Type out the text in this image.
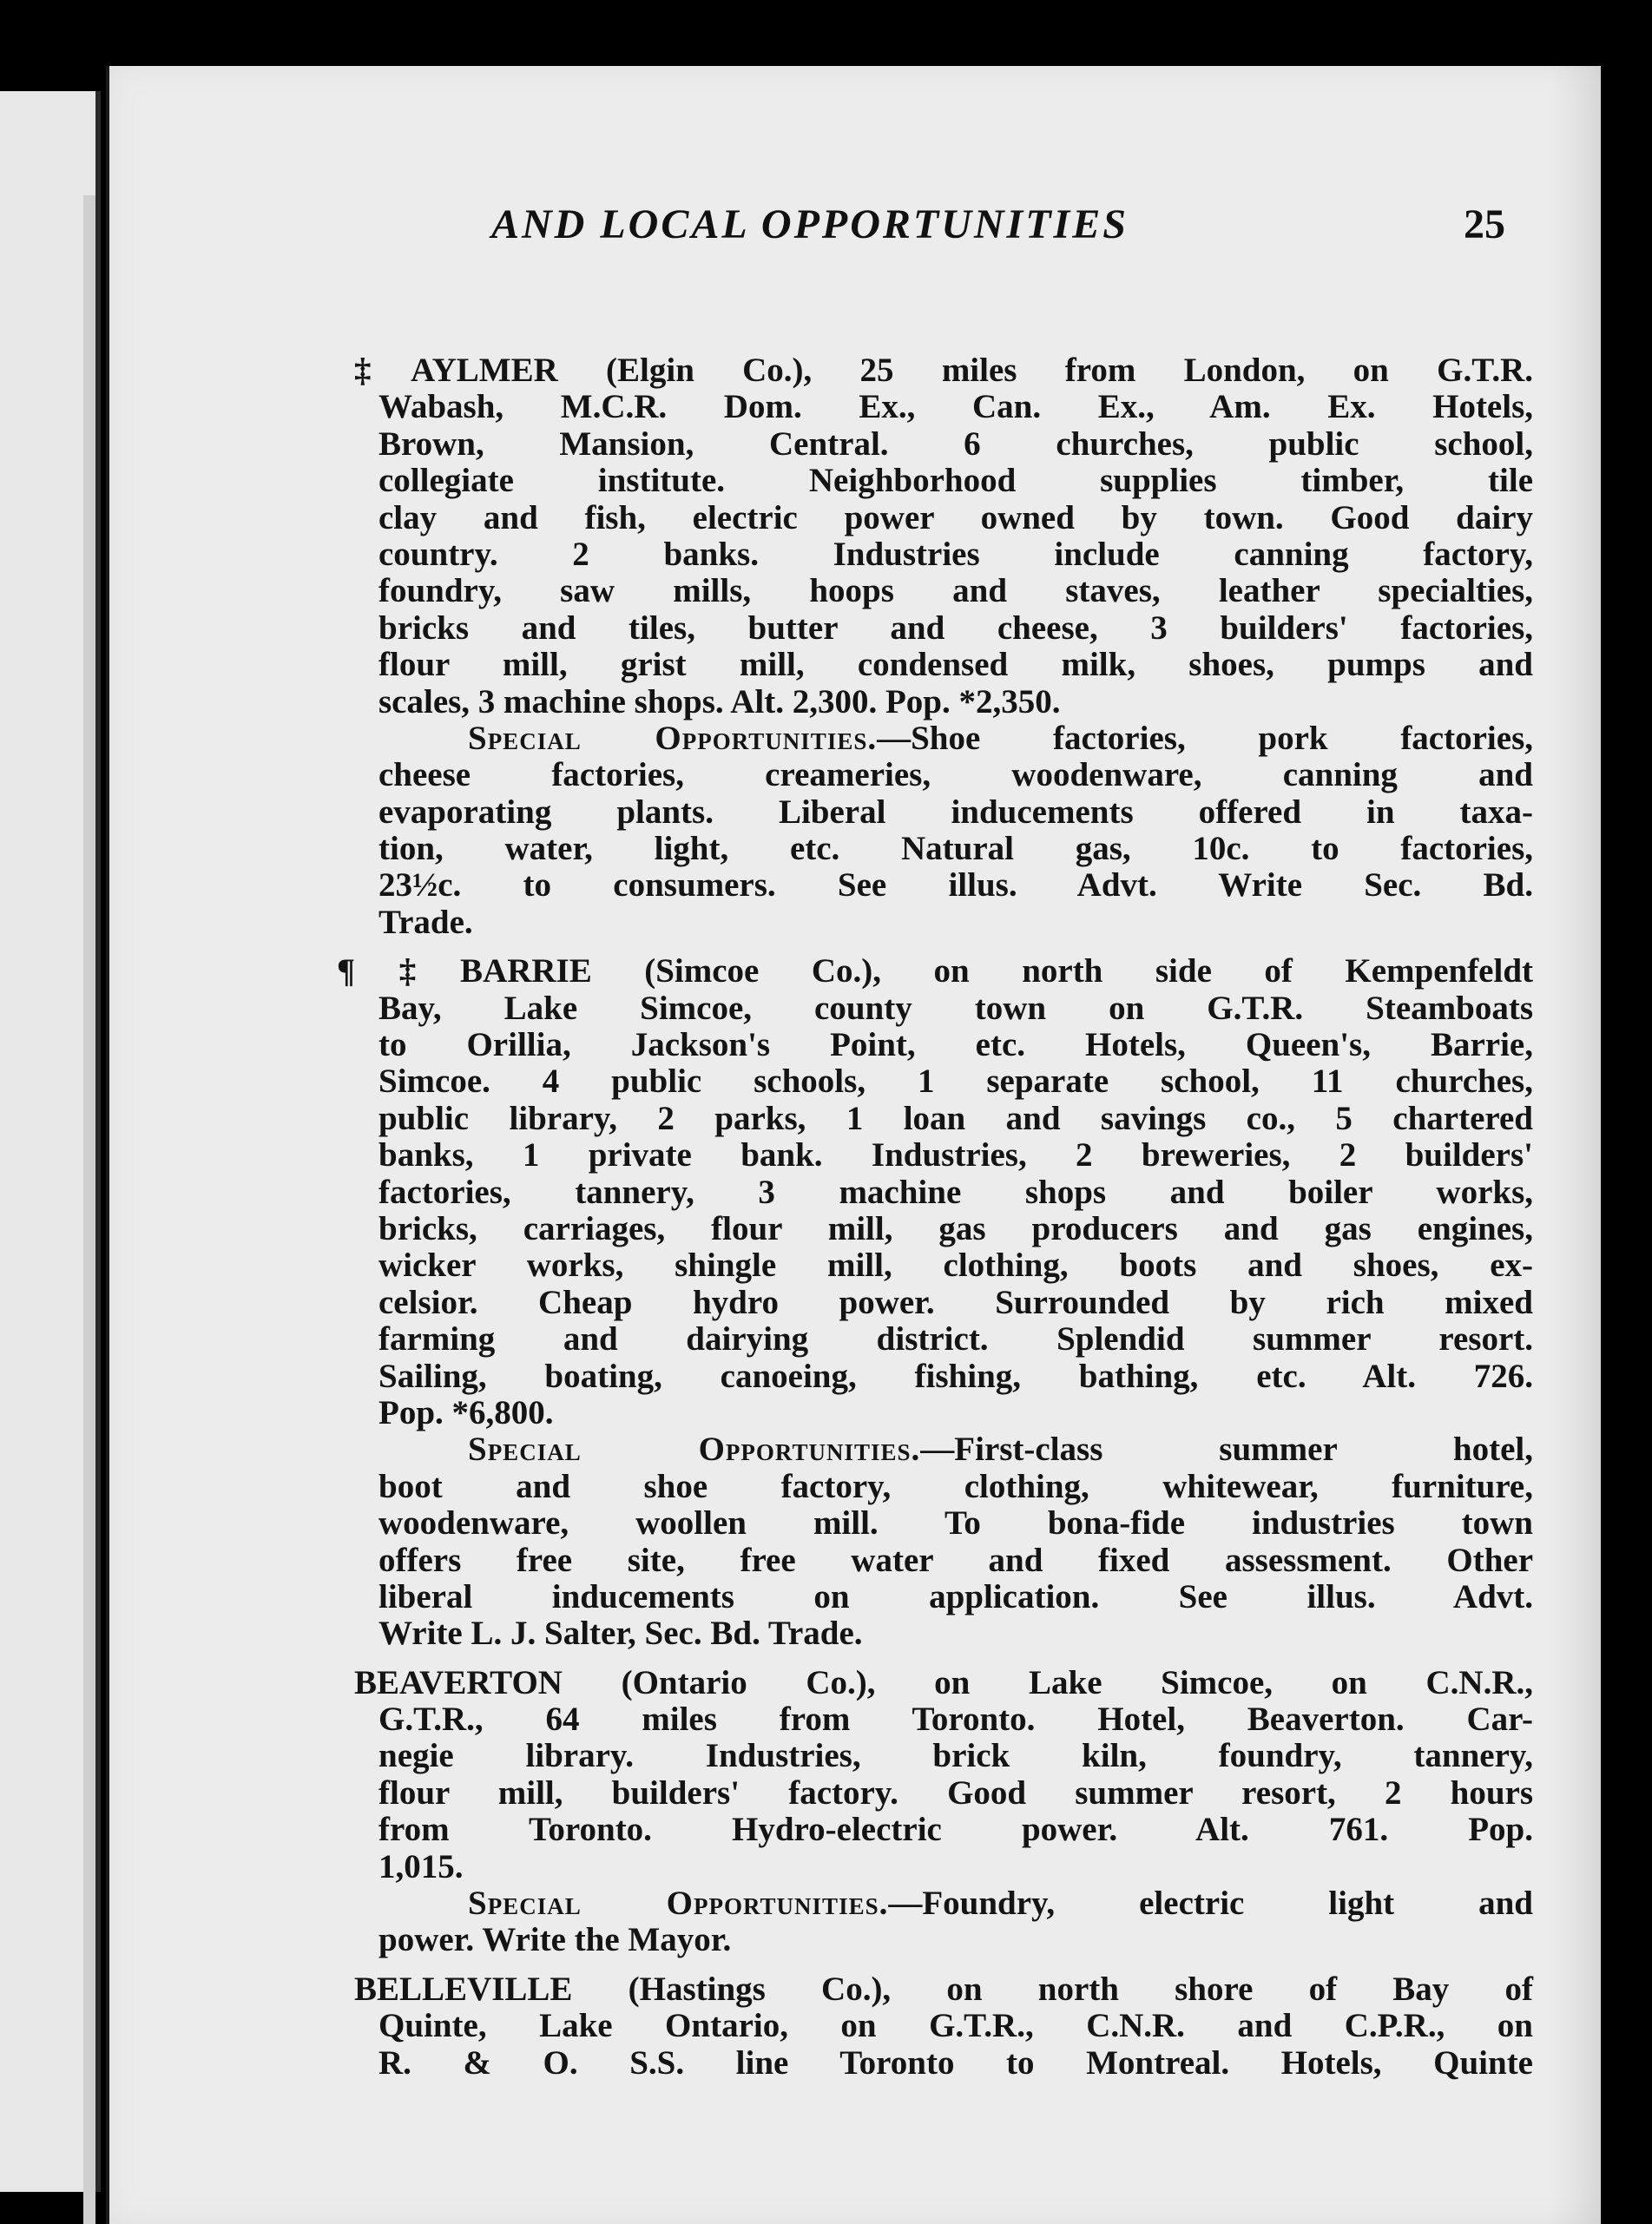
AND LOCAL OPPORTUNITIES	25
‡AYLMER (Elgin Co.), 25 miles from London, on G.T.R.
Wabash, M.C.R. Dom. Ex., Can. Ex., Am. Ex. Hotels,
Brown, Mansion, Central. 6 churches, public school,
collegiate institute. Neighborhood supplies timber, tile
clay and fish, electric power owned by town. Good dairy
country. 2 banks. Industries include canning factory,
foundry, saw mills, hoops and staves, leather specialties,
bricks and tiles, butter and cheese, 3 builders' factories,
flour mill, grist mill, condensed milk, shoes, pumps and
scales, 3 machine shops. Alt. 2,300. Pop. *2,350.
Special Opportunities.—Shoe factories, pork factories,
cheese factories, creameries, woodenware, canning and
evaporating plants. Liberal inducements offered in taxa-
tion, water, light, etc. Natural gas, 10c. to factories,
23½c. to consumers. See illus. Advt. Write Sec. Bd.
Trade.
¶‡BARRIE (Simcoe Co.), on north side of Kempenfeldt
Bay, Lake Simcoe, county town on G.T.R. Steamboats
to Orillia, Jackson's Point, etc. Hotels, Queen's, Barrie,
Simcoe. 4 public schools, 1 separate school, 11 churches,
public library, 2 parks, 1 loan and savings co., 5 chartered
banks, 1 private bank. Industries, 2 breweries, 2 builders'
factories, tannery, 3 machine shops and boiler works,
bricks, carriages, flour mill, gas producers and gas engines,
wicker works, shingle mill, clothing, boots and shoes, ex-
celsior. Cheap hydro power. Surrounded by rich mixed
farming and dairying district. Splendid summer resort.
Sailing, boating, canoeing, fishing, bathing, etc. Alt. 726.
Pop. *6,800.
Special Opportunities.—First-class summer hotel,
boot and shoe factory, clothing, whitewear, furniture,
woodenware, woollen mill. To bona-fide industries town
offers free site, free water and fixed assessment. Other
liberal inducements on application. See illus. Advt.
Write L. J. Salter, Sec. Bd. Trade.
BEAVERTON (Ontario Co.), on Lake Simcoe, on C.N.R.,
G.T.R., 64 miles from Toronto. Hotel, Beaverton. Car-
negie library. Industries, brick kiln, foundry, tannery,
flour mill, builders' factory. Good summer resort, 2 hours
from Toronto. Hydro-electric power. Alt. 761. Pop.
1,015.
Special Opportunities.—Foundry, electric light and
power. Write the Mayor.
BELLEVILLE (Hastings Co.), on north shore of Bay of
Quinte, Lake Ontario, on G.T.R., C.N.R. and C.P.R., on
R. & O. S.S. line Toronto to Montreal. Hotels, Quinte
